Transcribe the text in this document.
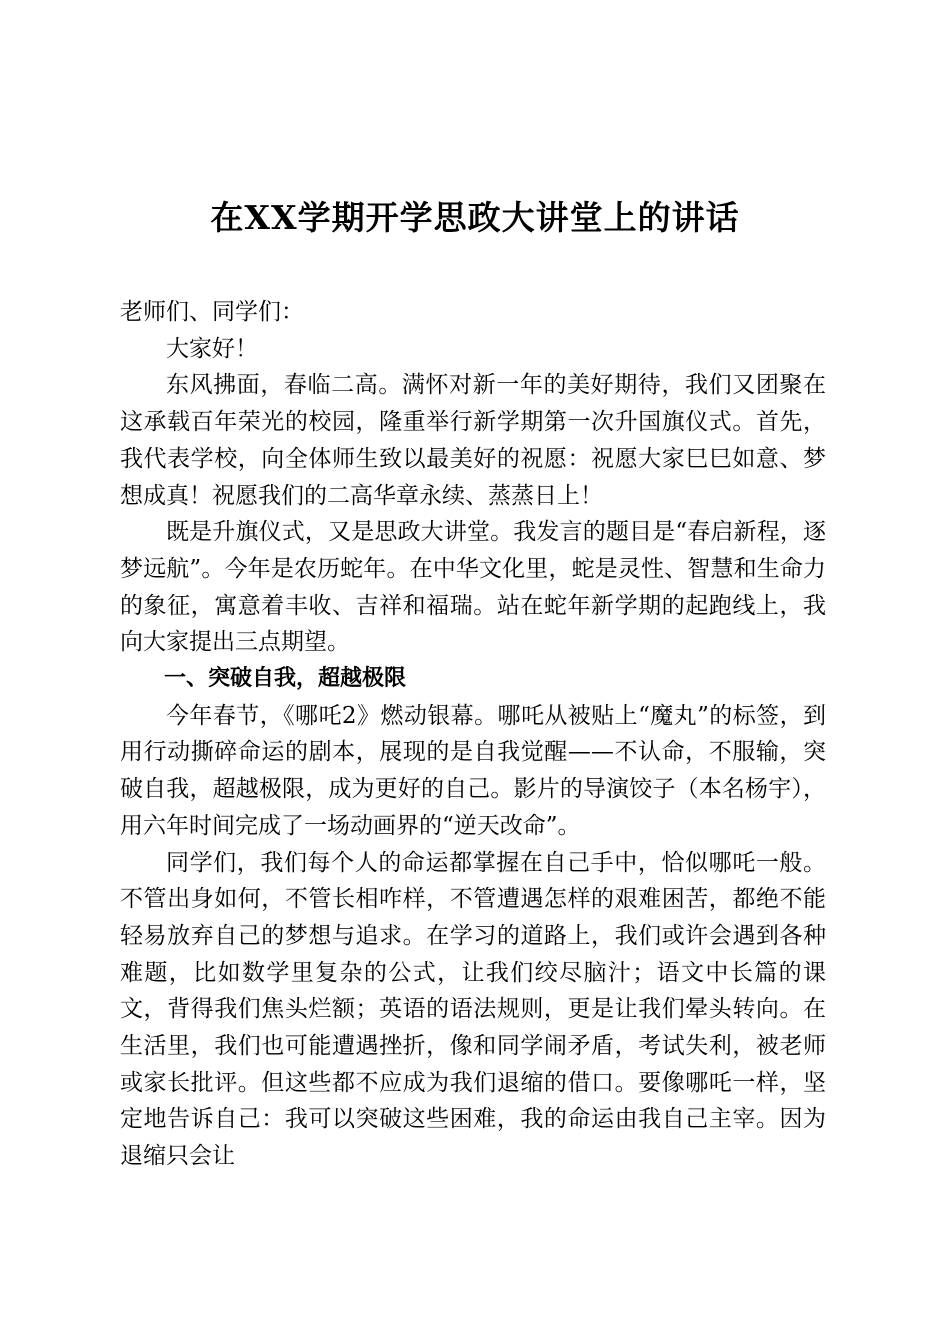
在XX学期开学思政大讲堂上的讲话

老师们、同学们：

大家好！

东风拂面，春临二高。满怀对新一年的美好期待，我们又团聚在这承载百年荣光的校园，隆重举行新学期第一次升国旗仪式。首先，我代表学校，向全体师生致以最美好的祝愿：祝愿大家巳巳如意、梦想成真！祝愿我们的二高华章永续、蒸蒸日上！

既是升旗仪式，又是思政大讲堂。我发言的题目是“春启新程，逐梦远航”。今年是农历蛇年。在中华文化里，蛇是灵性、智慧和生命力的象征，寓意着丰收、吉祥和福瑞。站在蛇年新学期的起跑线上，我向大家提出三点期望。

一、突破自我，超越极限

今年春节，《哪吒2》燃动银幕。哪吒从被贴上“魔丸”的标签，到用行动撕碎命运的剧本，展现的是自我觉醒——不认命，不服输，突破自我，超越极限，成为更好的自己。影片的导演饺子（本名杨宇），用六年时间完成了一场动画界的“逆天改命”。

同学们，我们每个人的命运都掌握在自己手中，恰似哪吒一般。不管出身如何，不管长相咋样，不管遭遇怎样的艰难困苦，都绝不能轻易放弃自己的梦想与追求。在学习的道路上，我们或许会遇到各种难题，比如数学里复杂的公式，让我们绞尽脑汁；语文中长篇的课文，背得我们焦头烂额；英语的语法规则，更是让我们晕头转向。在生活里，我们也可能遭遇挫折，像和同学闹矛盾，考试失利，被老师或家长批评。但这些都不应成为我们退缩的借口。要像哪吒一样，坚定地告诉自己：我可以突破这些困难，我的命运由我自己主宰。因为退缩只会让
